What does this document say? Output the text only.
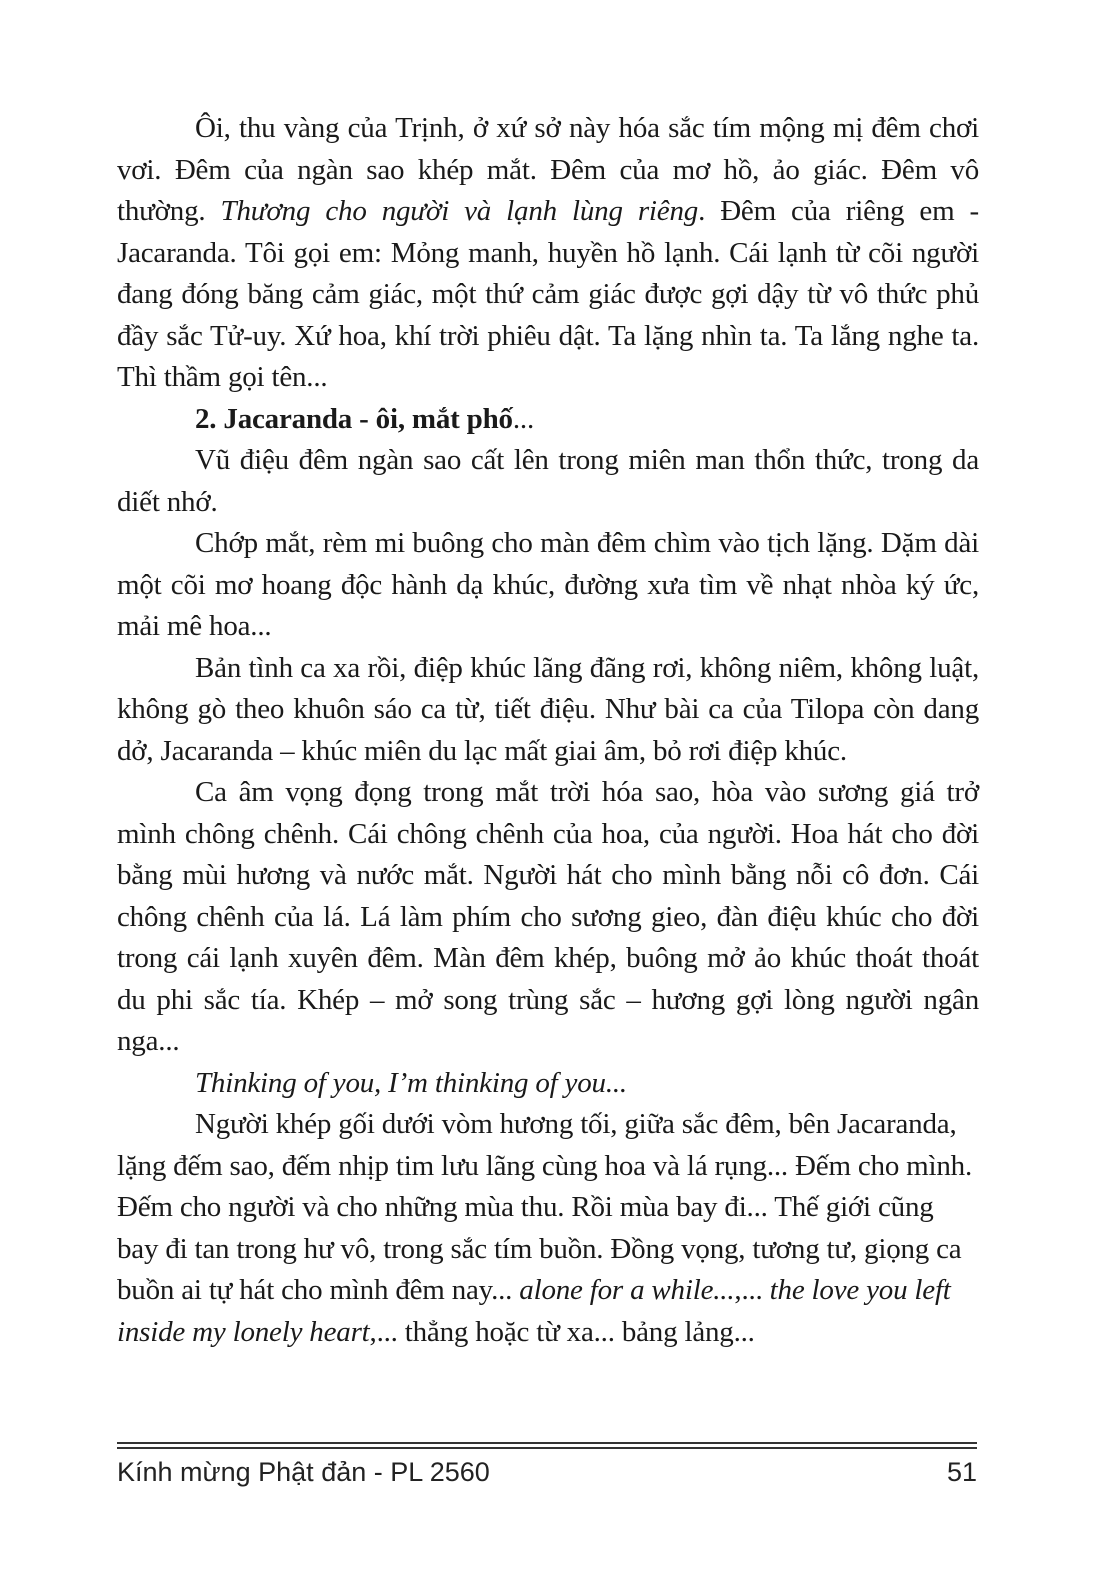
Ôi, thu vàng của Trịnh, ở xứ sở này hóa sắc tím mộng mị đêm chơi vơi. Đêm của ngàn sao khép mắt. Đêm của mơ hồ, ảo giác. Đêm vô thường. Thương cho người và lạnh lùng riêng. Đêm của riêng em - Jacaranda. Tôi gọi em: Mỏng manh, huyền hồ lạnh. Cái lạnh từ cõi người đang đóng băng cảm giác, một thứ cảm giác được gợi dậy từ vô thức phủ đầy sắc Tử-uy. Xứ hoa, khí trời phiêu dật. Ta lặng nhìn ta. Ta lắng nghe ta. Thì thầm gọi tên...

2. Jacaranda - ôi, mắt phố...

Vũ điệu đêm ngàn sao cất lên trong miên man thổn thức, trong da diết nhớ.

Chớp mắt, rèm mi buông cho màn đêm chìm vào tịch lặng. Dặm dài một cõi mơ hoang độc hành dạ khúc, đường xưa tìm về nhạt nhòa ký ức, mải mê hoa...

Bản tình ca xa rồi, điệp khúc lãng đãng rơi, không niêm, không luật, không gò theo khuôn sáo ca từ, tiết điệu. Như bài ca của Tilopa còn dang dở, Jacaranda – khúc miên du lạc mất giai âm, bỏ rơi điệp khúc.

Ca âm vọng đọng trong mắt trời hóa sao, hòa vào sương giá trở mình chông chênh. Cái chông chênh của hoa, của người. Hoa hát cho đời bằng mùi hương và nước mắt. Người hát cho mình bằng nỗi cô đơn. Cái chông chênh của lá. Lá làm phím cho sương gieo, đàn điệu khúc cho đời trong cái lạnh xuyên đêm. Màn đêm khép, buông mở ảo khúc thoát thoát du phi sắc tía. Khép – mở song trùng sắc – hương gợi lòng người ngân nga...

Thinking of you, I’m thinking of you...

Người khép gối dưới vòm hương tối, giữa sắc đêm, bên Jacaranda, lặng đếm sao, đếm nhịp tim lưu lãng cùng hoa và lá rụng... Đếm cho mình. Đếm cho người và cho những mùa thu. Rồi mùa bay đi... Thế giới cũng bay đi tan trong hư vô, trong sắc tím buồn. Đồng vọng, tương tư, giọng ca buồn ai tự hát cho mình đêm nay... alone for a while...,... the love you left inside my lonely heart,... thẳng hoặc từ xa... bảng lảng...

Kính mừng Phật đản - PL 2560	51
